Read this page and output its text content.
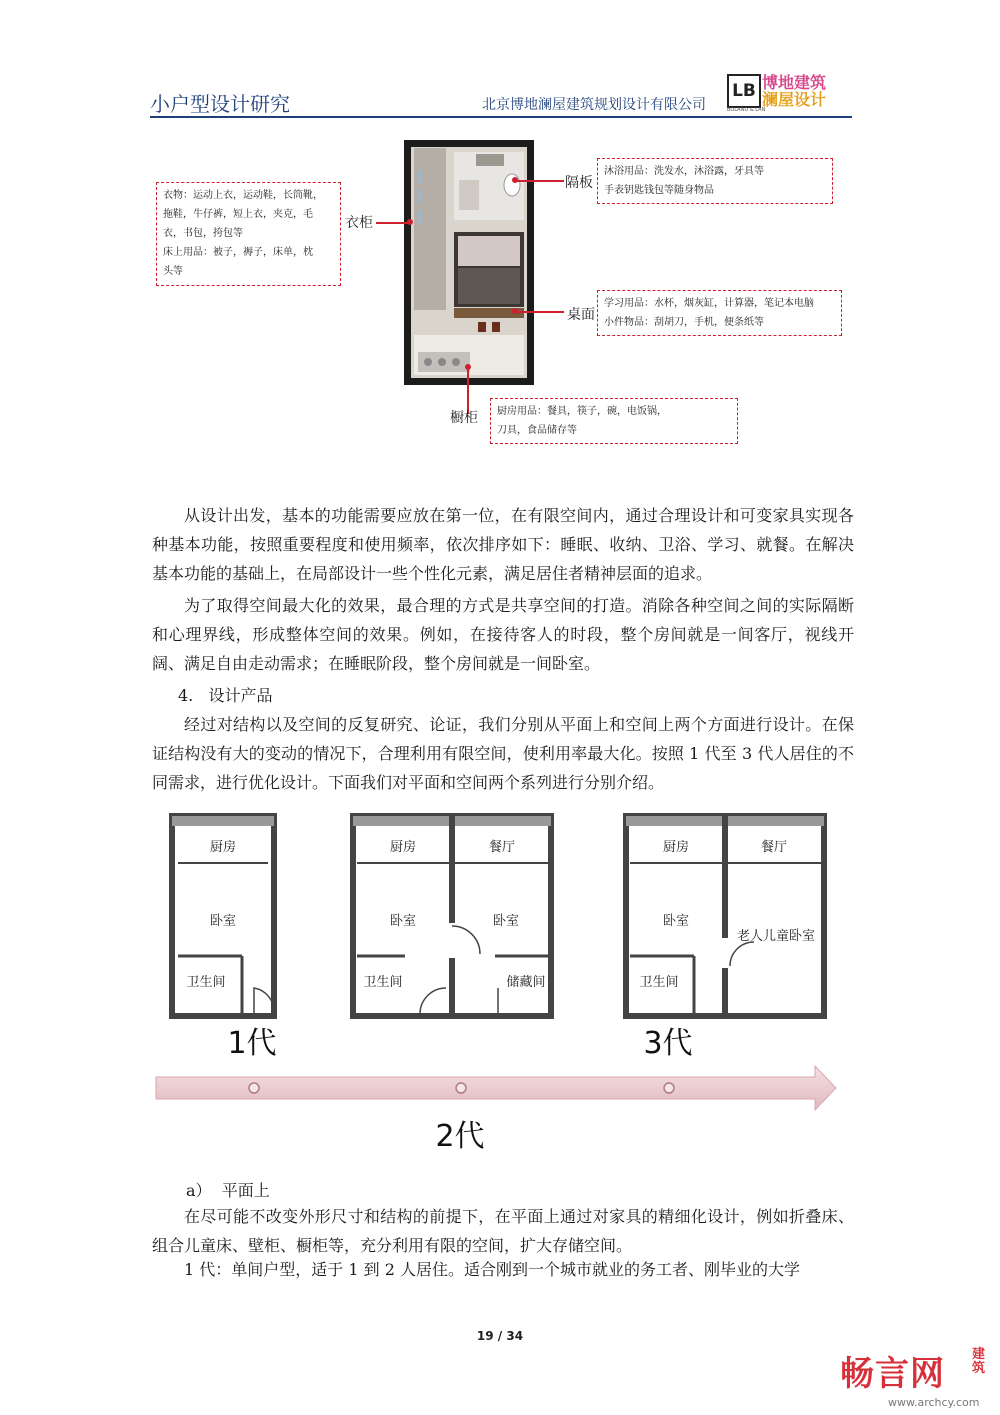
小户型设计研究	北京博地澜屋建筑规划设计有限公司
LB
BOLAND & LAN
博地建筑
澜屋设计
衣物：运动上衣，运动鞋，长筒靴，
拖鞋，牛仔裤，短上衣，夹克，毛
衣，书包，挎包等
床上用品：被子，褥子，床单，枕
头等
衣柜
隔板
沐浴用品：洗发水，沐浴露，牙具等
手表钥匙钱包等随身物品
桌面
学习用品：水杯，烟灰缸，计算器，笔记本电脑
小件物品：刮胡刀，手机，便条纸等
橱柜 厨房用品：餐具，筷子，碗，电饭锅，
刀具，食品储存等
从设计出发，基本的功能需要应放在第一位，在有限空间内，通过合理设计和可变家具实现各种基本功能，按照重要程度和使用频率，依次排序如下：睡眠、收纳、卫浴、学习、就餐。在解决基本功能的基础上，在局部设计一些个性化元素，满足居住者精神层面的追求。
为了取得空间最大化的效果，最合理的方式是共享空间的打造。消除各种空间之间的实际隔断和心理界线，形成整体空间的效果。例如，在接待客人的时段，整个房间就是一间客厅，视线开阔、满足自由走动需求；在睡眠阶段，整个房间就是一间卧室。
4. 设计产品
经过对结构以及空间的反复研究、论证，我们分别从平面上和空间上两个方面进行设计。在保证结构没有大的变动的情况下，合理利用有限空间，使利用率最大化。按照 1 代至 3 代人居住的不同需求，进行优化设计。下面我们对平面和空间两个系列进行分别介绍。
厨房
卧室
卫生间
厨房	餐厅
卧室	卧室
卫生间	储藏间
厨房	餐厅
卧室
老人儿童卧室
卫生间
1代	3代
2代
a） 平面上
在尽可能不改变外形尺寸和结构的前提下，在平面上通过对家具的精细化设计，例如折叠床、组合儿童床、壁柜、橱柜等，充分利用有限的空间，扩大存储空间。
1 代：单间户型，适于 1 到 2 人居住。适合刚到一个城市就业的务工者、刚毕业的大学
19 / 34
畅言网 建筑
www.archcy.com
